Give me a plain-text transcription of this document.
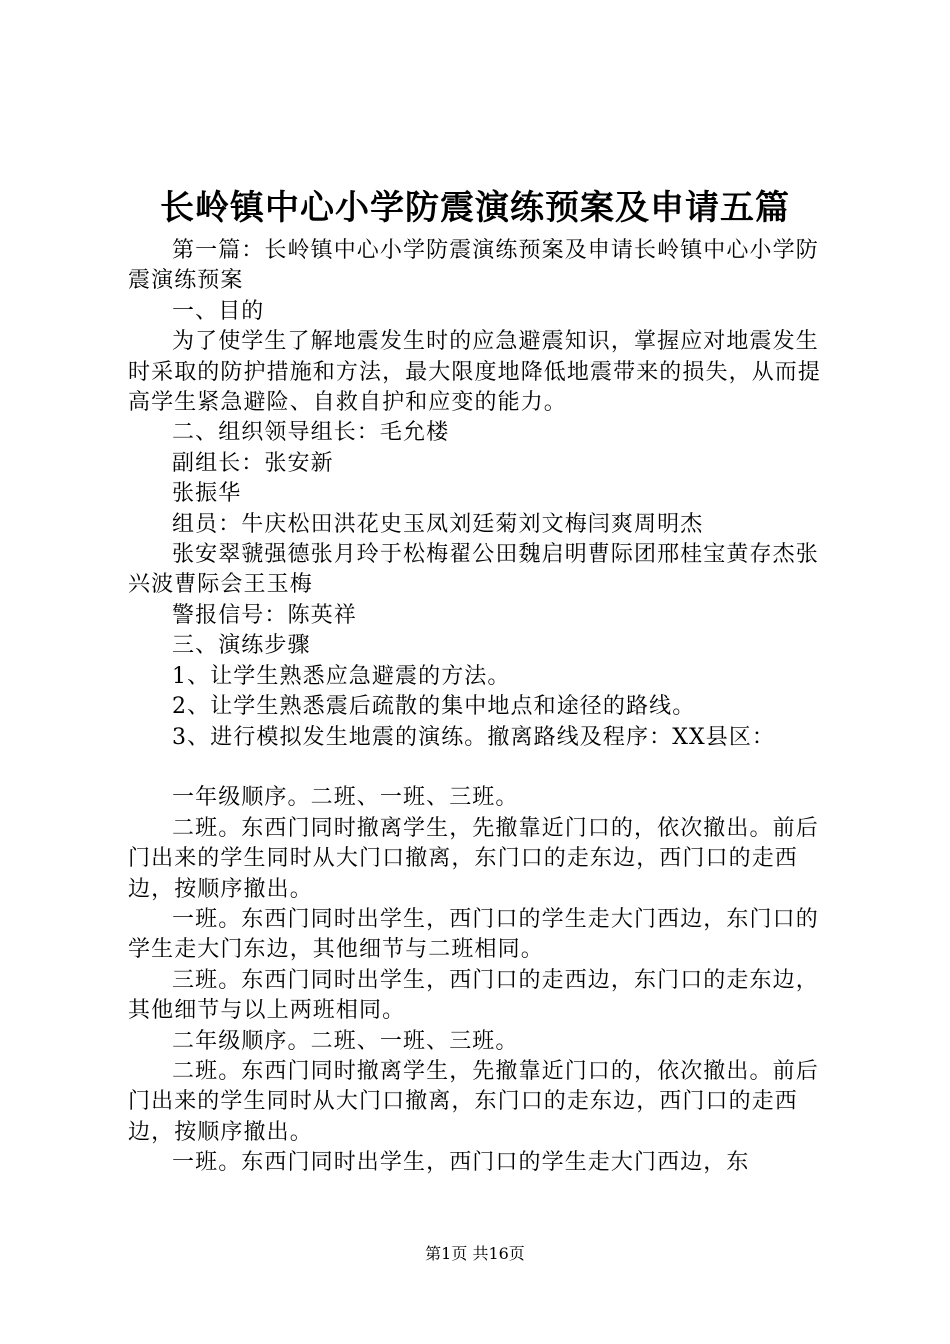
长岭镇中心小学防震演练预案及申请五篇

第一篇：长岭镇中心小学防震演练预案及申请长岭镇中心小学防震演练预案

一、目的

为了使学生了解地震发生时的应急避震知识，掌握应对地震发生时采取的防护措施和方法，最大限度地降低地震带来的损失，从而提高学生紧急避险、自救自护和应变的能力。

二、组织领导组长：毛允楼

副组长：张安新

张振华

组员：牛庆松田洪花史玉凤刘廷菊刘文梅闫爽周明杰

张安翠虢强德张月玲于松梅翟公田魏启明曹际团邢桂宝黄存杰张兴波曹际会王玉梅

警报信号：陈英祥

三、演练步骤

1、让学生熟悉应急避震的方法。

2、让学生熟悉震后疏散的集中地点和途径的路线。

3、进行模拟发生地震的演练。撤离路线及程序：XX县区：

一年级顺序。二班、一班、三班。

二班。东西门同时撤离学生，先撤靠近门口的，依次撤出。前后门出来的学生同时从大门口撤离，东门口的走东边，西门口的走西边，按顺序撤出。

一班。东西门同时出学生，西门口的学生走大门西边，东门口的学生走大门东边，其他细节与二班相同。

三班。东西门同时出学生，西门口的走西边，东门口的走东边，其他细节与以上两班相同。

二年级顺序。二班、一班、三班。

二班。东西门同时撤离学生，先撤靠近门口的，依次撤出。前后门出来的学生同时从大门口撤离，东门口的走东边，西门口的走西边，按顺序撤出。

一班。东西门同时出学生，西门口的学生走大门西边，东

第1页 共16页
